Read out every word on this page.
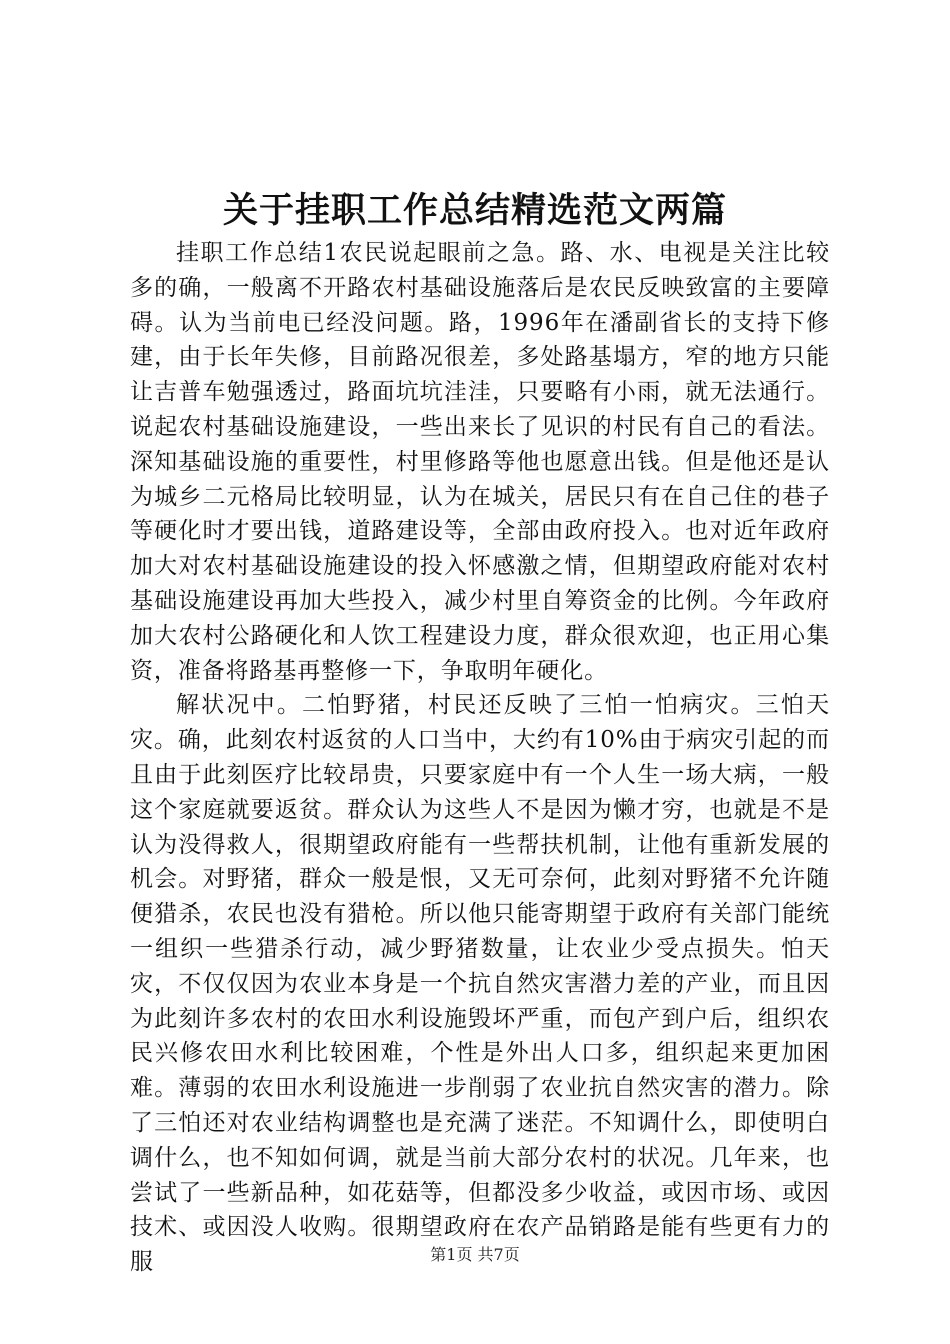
关于挂职工作总结精选范文两篇

挂职工作总结1农民说起眼前之急。路、水、电视是关注比较多的确，一般离不开路农村基础设施落后是农民反映致富的主要障碍。认为当前电已经没问题。路，1996年在潘副省长的支持下修建，由于长年失修，目前路况很差，多处路基塌方，窄的地方只能让吉普车勉强透过，路面坑坑洼洼，只要略有小雨，就无法通行。说起农村基础设施建设，一些出来长了见识的村民有自己的看法。深知基础设施的重要性，村里修路等他也愿意出钱。但是他还是认为城乡二元格局比较明显，认为在城关，居民只有在自己住的巷子等硬化时才要出钱，道路建设等，全部由政府投入。也对近年政府加大对农村基础设施建设的投入怀感激之情，但期望政府能对农村基础设施建设再加大些投入，减少村里自筹资金的比例。今年政府加大农村公路硬化和人饮工程建设力度，群众很欢迎，也正用心集资，准备将路基再整修一下，争取明年硬化。

解状况中。二怕野猪，村民还反映了三怕一怕病灾。三怕天灾。确，此刻农村返贫的人口当中，大约有10%由于病灾引起的而且由于此刻医疗比较昂贵，只要家庭中有一个人生一场大病，一般这个家庭就要返贫。群众认为这些人不是因为懒才穷，也就是不是认为没得救人，很期望政府能有一些帮扶机制，让他有重新发展的机会。对野猪，群众一般是恨，又无可奈何，此刻对野猪不允许随便猎杀，农民也没有猎枪。所以他只能寄期望于政府有关部门能统一组织一些猎杀行动，减少野猪数量，让农业少受点损失。怕天灾，不仅仅因为农业本身是一个抗自然灾害潜力差的产业，而且因为此刻许多农村的农田水利设施毁坏严重，而包产到户后，组织农民兴修农田水利比较困难，个性是外出人口多，组织起来更加困难。薄弱的农田水利设施进一步削弱了农业抗自然灾害的潜力。除了三怕还对农业结构调整也是充满了迷茫。不知调什么，即使明白调什么，也不知如何调，就是当前大部分农村的状况。几年来，也尝试了一些新品种，如花菇等，但都没多少收益，或因市场、或因技术、或因没人收购。很期望政府在农产品销路是能有些更有力的服	第1页 共7页
